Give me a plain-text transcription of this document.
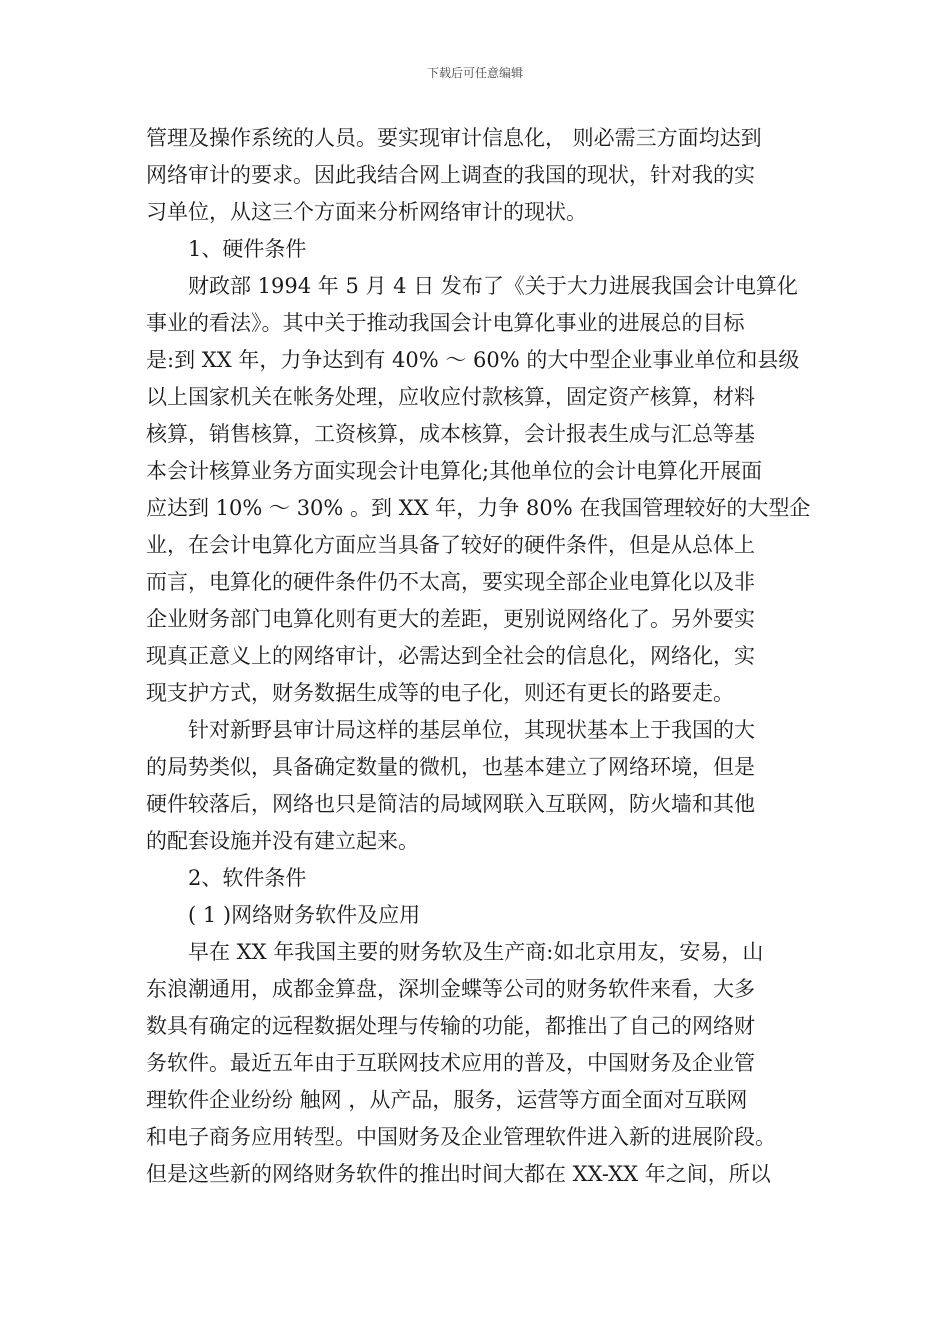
下载后可任意编辑
管理及操作系统的人员。要实现审计信息化， 则必需三方面均达到
网络审计的要求。因此我结合网上调查的我国的现状，针对我的实
习单位，从这三个方面来分析网络审计的现状。
1、硬件条件
财政部 1994 年 5 月 4 日 发布了《关于大力进展我国会计电算化
事业的看法》。其中关于推动我国会计电算化事业的进展总的目标
是:到 XX 年，力争达到有 40% ～ 60% 的大中型企业事业单位和县级
以上国家机关在帐务处理，应收应付款核算，固定资产核算，材料
核算，销售核算，工资核算，成本核算，会计报表生成与汇总等基
本会计核算业务方面实现会计电算化;其他单位的会计电算化开展面
应达到 10% ～ 30% 。到 XX 年，力争 80% 在我国管理较好的大型企
业，在会计电算化方面应当具备了较好的硬件条件，但是从总体上
而言，电算化的硬件条件仍不太高，要实现全部企业电算化以及非
企业财务部门电算化则有更大的差距，更别说网络化了。另外要实
现真正意义上的网络审计，必需达到全社会的信息化，网络化，实
现支护方式，财务数据生成等的电子化，则还有更长的路要走。
针对新野县审计局这样的基层单位，其现状基本上于我国的大
的局势类似，具备确定数量的微机，也基本建立了网络环境，但是
硬件较落后，网络也只是简洁的局域网联入互联网，防火墙和其他
的配套设施并没有建立起来。
2、软件条件
( 1 )网络财务软件及应用
早在 XX 年我国主要的财务软及生产商:如北京用友，安易，山
东浪潮通用，成都金算盘，深圳金蝶等公司的财务软件来看，大多
数具有确定的远程数据处理与传输的功能，都推出了自己的网络财
务软件。最近五年由于互联网技术应用的普及，中国财务及企业管
理软件企业纷纷 触网 ，从产品，服务，运营等方面全面对互联网
和电子商务应用转型。中国财务及企业管理软件进入新的进展阶段。
但是这些新的网络财务软件的推出时间大都在 XX-XX 年之间，所以
